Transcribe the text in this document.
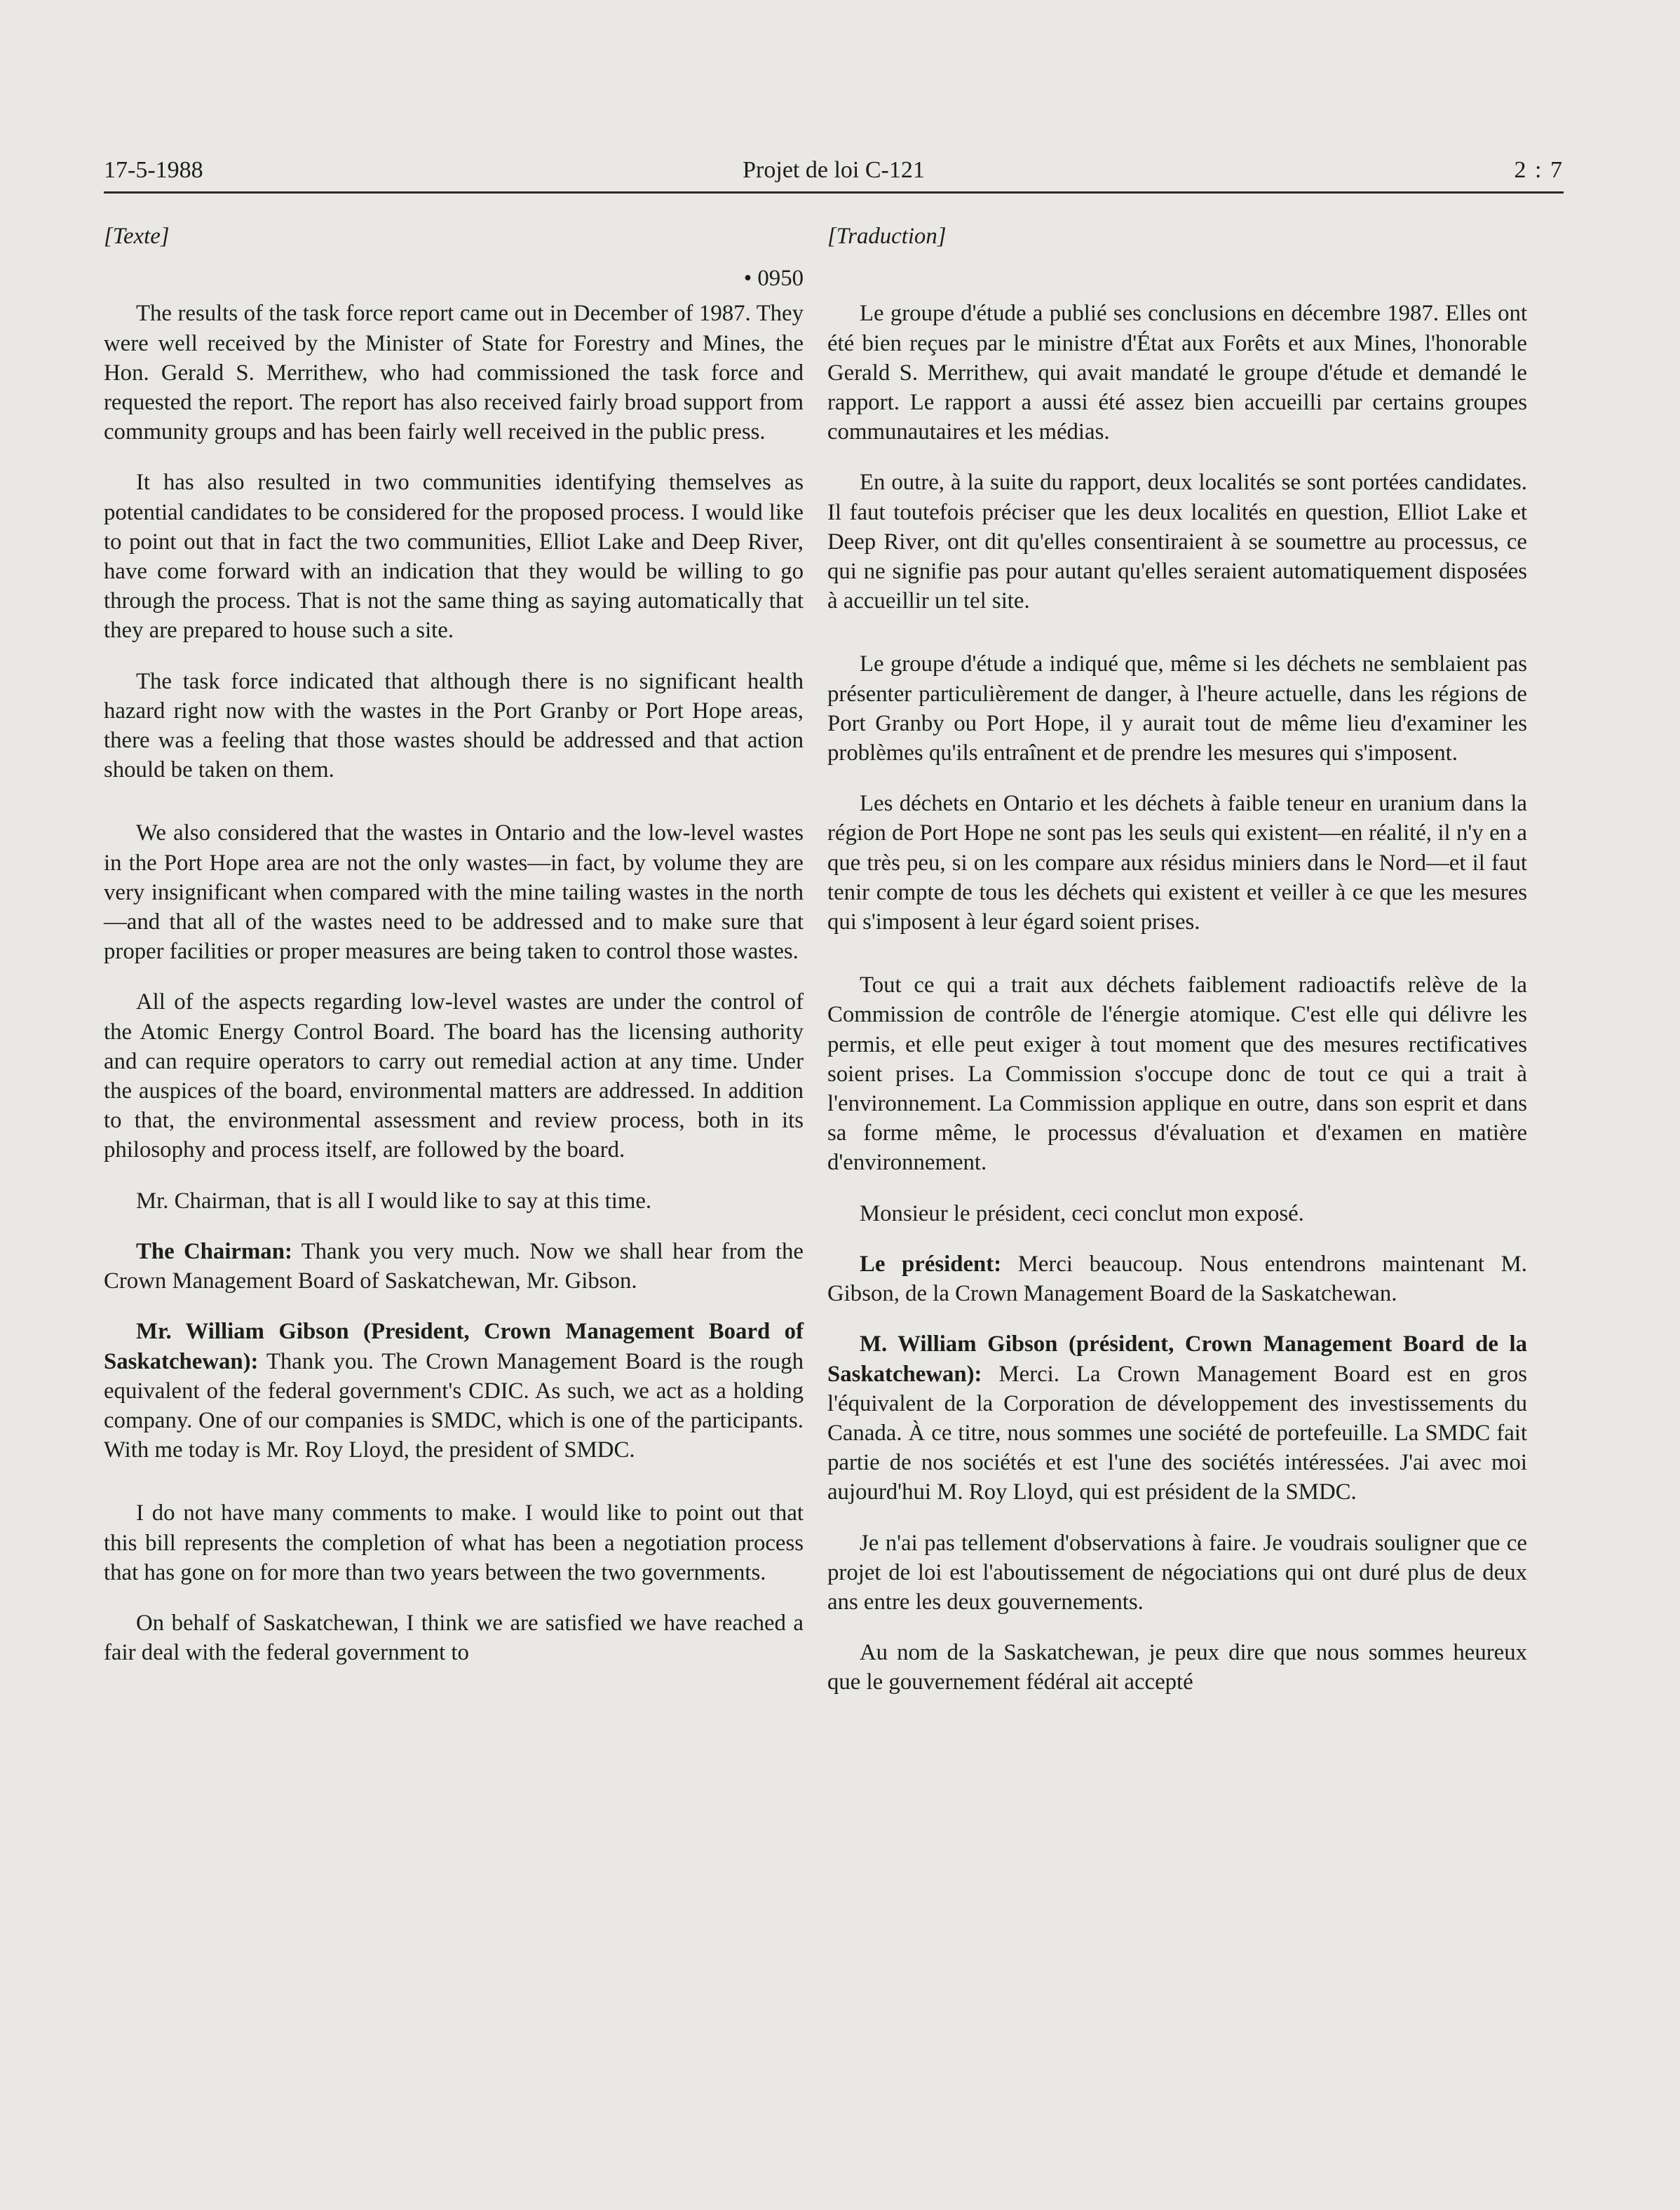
17-5-1988	Projet de loi C-121	2 : 7
[Texte]
• 0950

The results of the task force report came out in December of 1987. They were well received by the Minister of State for Forestry and Mines, the Hon. Gerald S. Merrithew, who had commissioned the task force and requested the report. The report has also received fairly broad support from community groups and has been fairly well received in the public press.

It has also resulted in two communities identifying themselves as potential candidates to be considered for the proposed process. I would like to point out that in fact the two communities, Elliot Lake and Deep River, have come forward with an indication that they would be willing to go through the process. That is not the same thing as saying automatically that they are prepared to house such a site.

The task force indicated that although there is no significant health hazard right now with the wastes in the Port Granby or Port Hope areas, there was a feeling that those wastes should be addressed and that action should be taken on them.

We also considered that the wastes in Ontario and the low-level wastes in the Port Hope area are not the only wastes—in fact, by volume they are very insignificant when compared with the mine tailing wastes in the north—and that all of the wastes need to be addressed and to make sure that proper facilities or proper measures are being taken to control those wastes.

All of the aspects regarding low-level wastes are under the control of the Atomic Energy Control Board. The board has the licensing authority and can require operators to carry out remedial action at any time. Under the auspices of the board, environmental matters are addressed. In addition to that, the environmental assessment and review process, both in its philosophy and process itself, are followed by the board.

Mr. Chairman, that is all I would like to say at this time.

The Chairman: Thank you very much. Now we shall hear from the Crown Management Board of Saskatchewan, Mr. Gibson.

Mr. William Gibson (President, Crown Management Board of Saskatchewan): Thank you. The Crown Management Board is the rough equivalent of the federal government's CDIC. As such, we act as a holding company. One of our companies is SMDC, which is one of the participants. With me today is Mr. Roy Lloyd, the president of SMDC.

I do not have many comments to make. I would like to point out that this bill represents the completion of what has been a negotiation process that has gone on for more than two years between the two governments.

On behalf of Saskatchewan, I think we are satisfied we have reached a fair deal with the federal government to

[Traduction]

Le groupe d'étude a publié ses conclusions en décembre 1987. Elles ont été bien reçues par le ministre d'État aux Forêts et aux Mines, l'honorable Gerald S. Merrithew, qui avait mandaté le groupe d'étude et demandé le rapport. Le rapport a aussi été assez bien accueilli par certains groupes communautaires et les médias.

En outre, à la suite du rapport, deux localités se sont portées candidates. Il faut toutefois préciser que les deux localités en question, Elliot Lake et Deep River, ont dit qu'elles consentiraient à se soumettre au processus, ce qui ne signifie pas pour autant qu'elles seraient automatiquement disposées à accueillir un tel site.

Le groupe d'étude a indiqué que, même si les déchets ne semblaient pas présenter particulièrement de danger, à l'heure actuelle, dans les régions de Port Granby ou Port Hope, il y aurait tout de même lieu d'examiner les problèmes qu'ils entraînent et de prendre les mesures qui s'imposent.

Les déchets en Ontario et les déchets à faible teneur en uranium dans la région de Port Hope ne sont pas les seuls qui existent—en réalité, il n'y en a que très peu, si on les compare aux résidus miniers dans le Nord—et il faut tenir compte de tous les déchets qui existent et veiller à ce que les mesures qui s'imposent à leur égard soient prises.

Tout ce qui a trait aux déchets faiblement radioactifs relève de la Commission de contrôle de l'énergie atomique. C'est elle qui délivre les permis, et elle peut exiger à tout moment que des mesures rectificatives soient prises. La Commission s'occupe donc de tout ce qui a trait à l'environnement. La Commission applique en outre, dans son esprit et dans sa forme même, le processus d'évaluation et d'examen en matière d'environnement.

Monsieur le président, ceci conclut mon exposé.

Le président: Merci beaucoup. Nous entendrons maintenant M. Gibson, de la Crown Management Board de la Saskatchewan.

M. William Gibson (président, Crown Management Board de la Saskatchewan): Merci. La Crown Management Board est en gros l'équivalent de la Corporation de développement des investissements du Canada. À ce titre, nous sommes une société de portefeuille. La SMDC fait partie de nos sociétés et est l'une des sociétés intéressées. J'ai avec moi aujourd'hui M. Roy Lloyd, qui est président de la SMDC.

Je n'ai pas tellement d'observations à faire. Je voudrais souligner que ce projet de loi est l'aboutissement de négociations qui ont duré plus de deux ans entre les deux gouvernements.

Au nom de la Saskatchewan, je peux dire que nous sommes heureux que le gouvernement fédéral ait accepté
